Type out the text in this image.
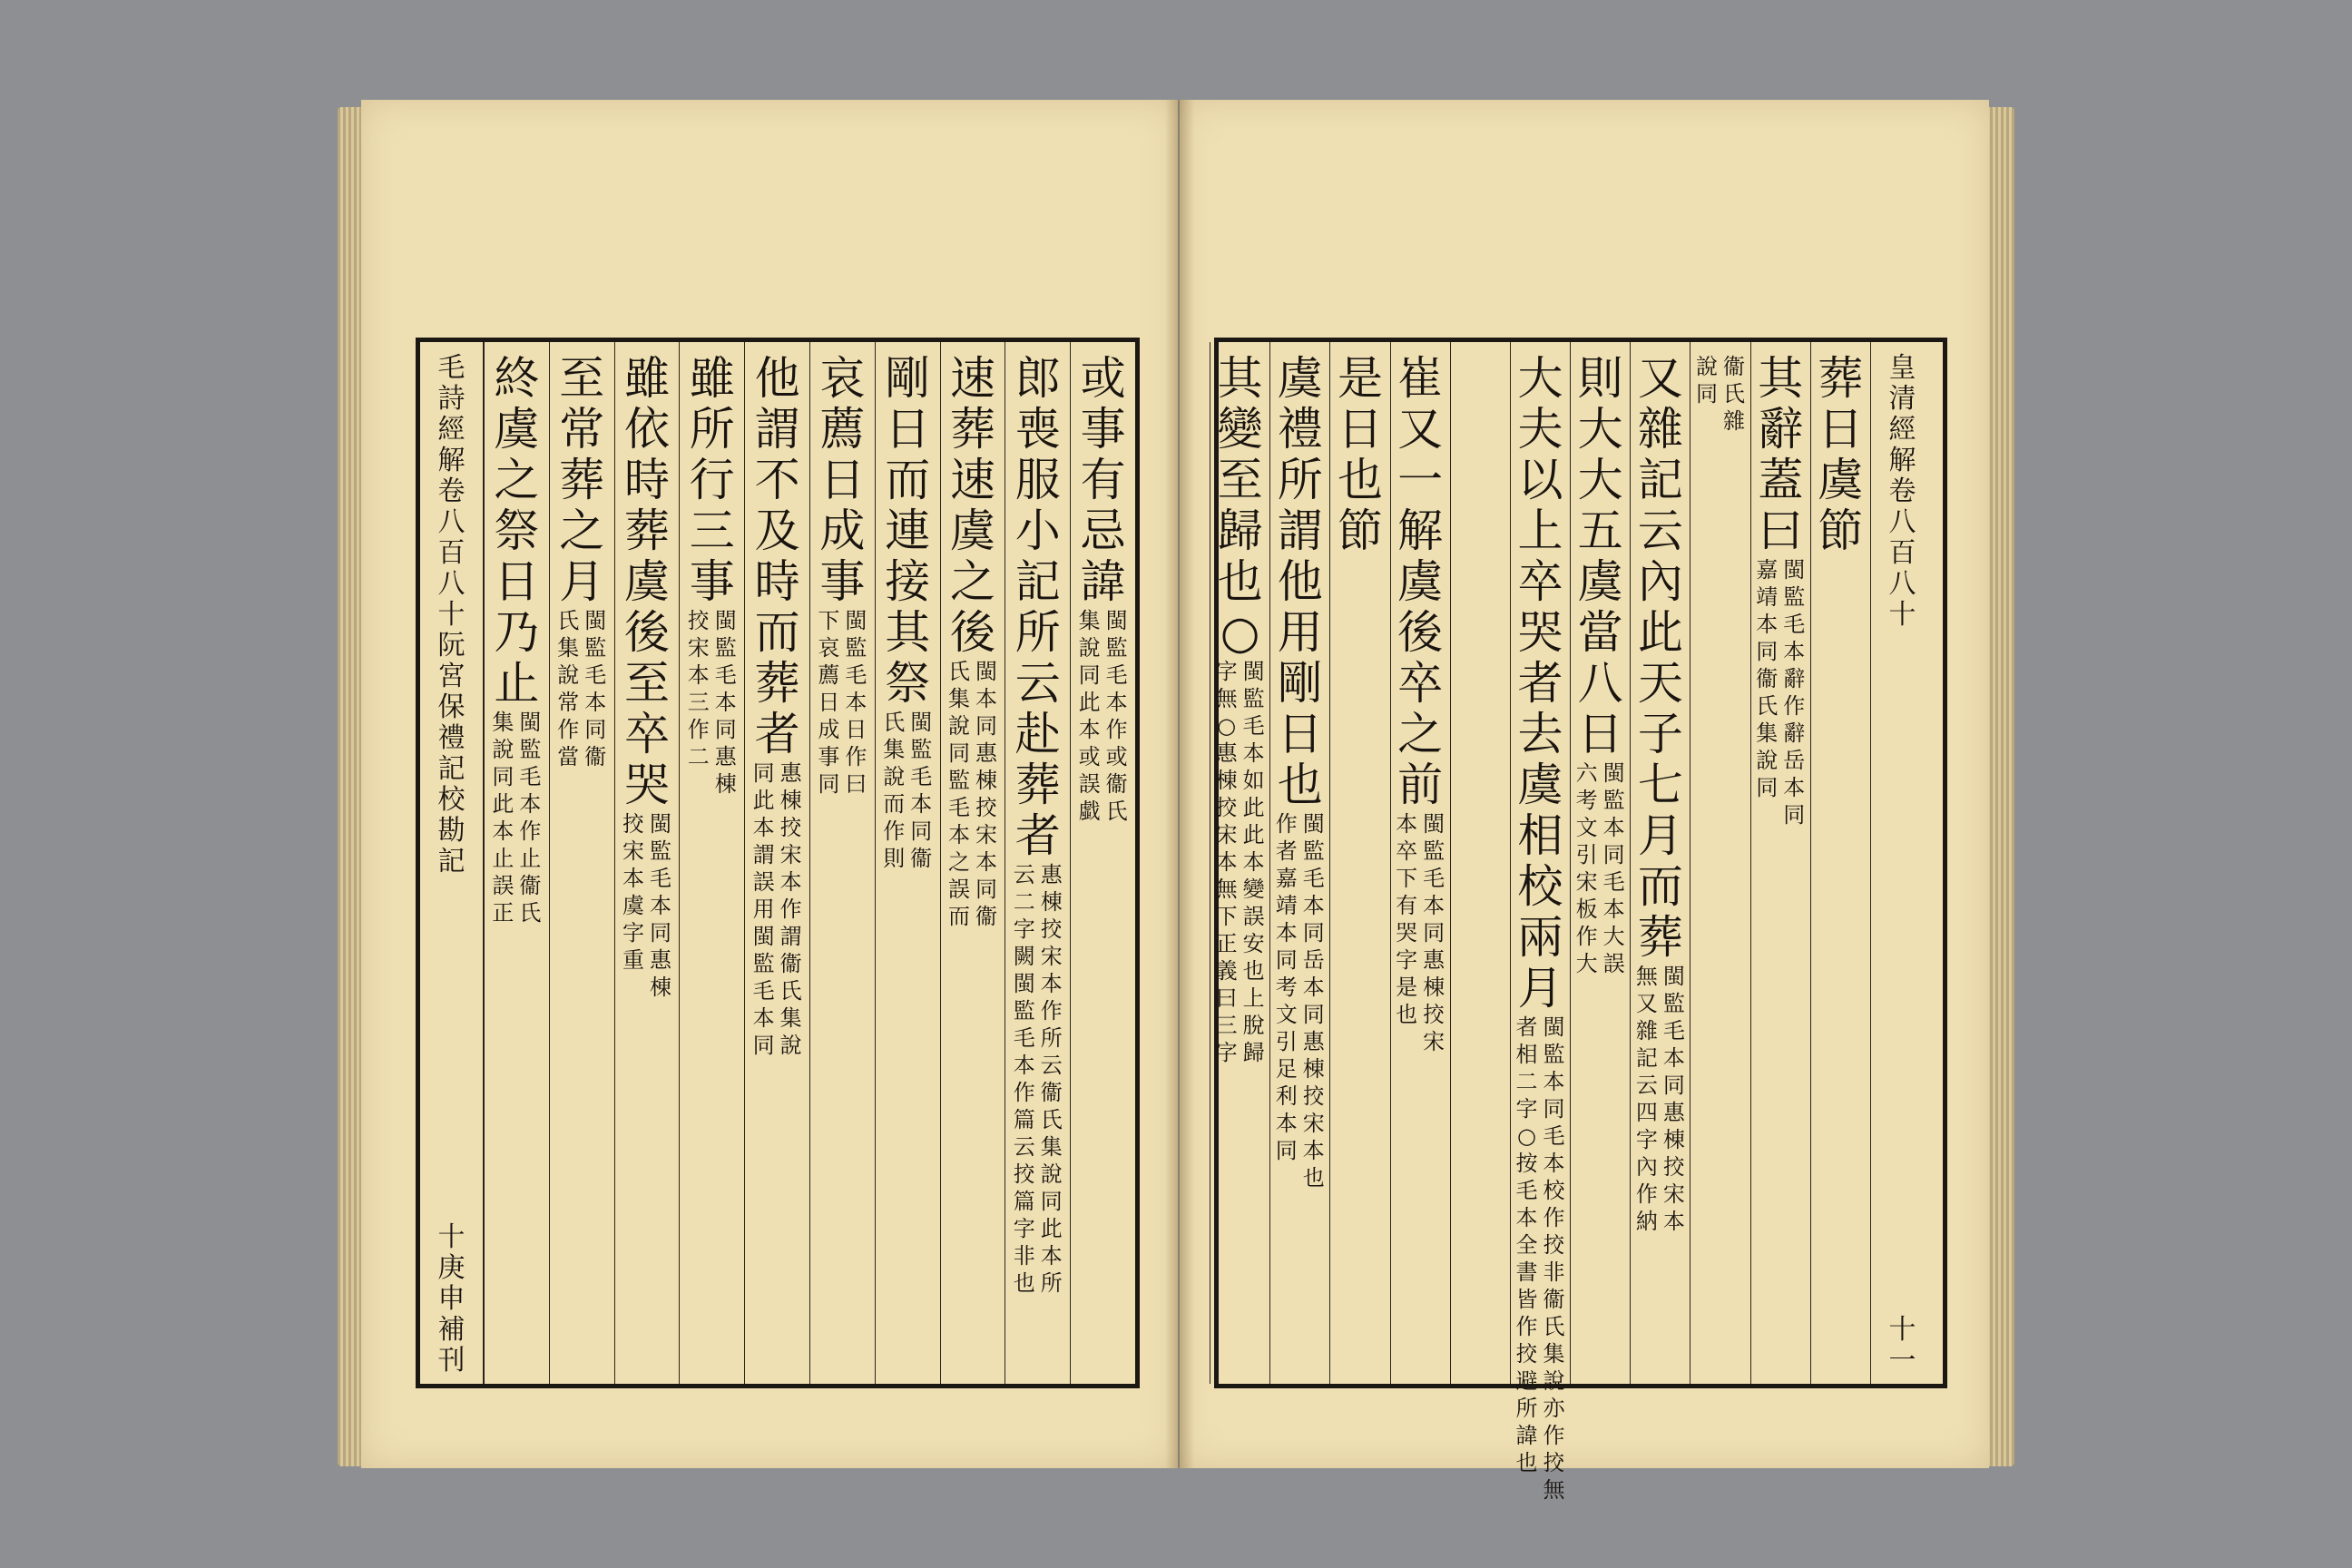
毛
詩
經
解
卷
八
百
八
十
阮
宮
保
禮
記
校
勘
記
十
庚
申
補
刊
或
事
有
忌
諱
閩
監
毛
本
作
或
衞
氏
集
說
同
此
本
或
誤
戱
郎
喪
服
小
記
所
云
赴
葬
者
惠
棟
挍
宋
本
作
所
云
衞
氏
集
說
同
此
本
所
云
二
字
闕
閩
監
毛
本
作
篇
云
挍
篇
字
非
也
速
葬
速
虞
之
後
閩
本
同
惠
棟
挍
宋
本
同
衞
氏
集
說
同
監
毛
本
之
誤
而
剛
日
而
連
接
其
祭
閩
監
毛
本
同
衞
氏
集
說
而
作
則
哀
薦
日
成
事
閩
監
毛
本
日
作
曰
下
哀
薦
日
成
事
同
他
謂
不
及
時
而
葬
者
惠
棟
挍
宋
本
作
謂
衞
氏
集
說
同
此
本
謂
誤
用
閩
監
毛
本
同
雖
所
行
三
事
閩
監
毛
本
同
惠
棟
挍
宋
本
三
作
二
雖
依
時
葬
虞
後
至
卒
哭
閩
監
毛
本
同
惠
棟
挍
宋
本
虞
字
重
至
常
葬
之
月
閩
監
毛
本
同
衞
氏
集
說
常
作
當
終
虞
之
祭
日
乃
止
閩
監
毛
本
作
止
衞
氏
集
說
同
此
本
止
誤
正
皇
清
經
解
卷
八
百
八
十
十
一
葬
日
虞
節
其
辭
蓋
曰
閩
監
毛
本
辭
作
辭
岳
本
同
嘉
靖
本
同
衞
氏
集
說
同
衞
氏
雜
說
同
又
雜
記
云
內
此
天
子
七
月
而
葬
閩
監
毛
本
同
惠
棟
挍
宋
本
無
又
雜
記
云
四
字
內
作
納
則
大
大
五
虞
當
八
日
閩
監
本
同
毛
本
大
誤
六
考
文
引
宋
板
作
大
大
夫
以
上
卒
哭
者
去
虞
相
校
兩
月
閩
監
本
同
毛
本
校
作
挍
非
衞
氏
集
說
亦
作
挍
無
者
相
二
字
○
按
毛
本
全
書
皆
作
挍
避
所
諱
也
崔
又
一
解
虞
後
卒
之
前
閩
監
毛
本
同
惠
棟
挍
宋
本
卒
下
有
哭
字
是
也
是
日
也
節
虞
禮
所
謂
他
用
剛
日
也
閩
監
毛
本
同
岳
本
同
惠
棟
挍
宋
本
也
作
者
嘉
靖
本
同
考
文
引
足
利
本
同
其
變
至
歸
也
○
閩
監
毛
本
如
此
此
本
變
誤
安
也
上
脫
歸
字
無
○
惠
棟
挍
宋
本
無
下
正
義
曰
三
字
